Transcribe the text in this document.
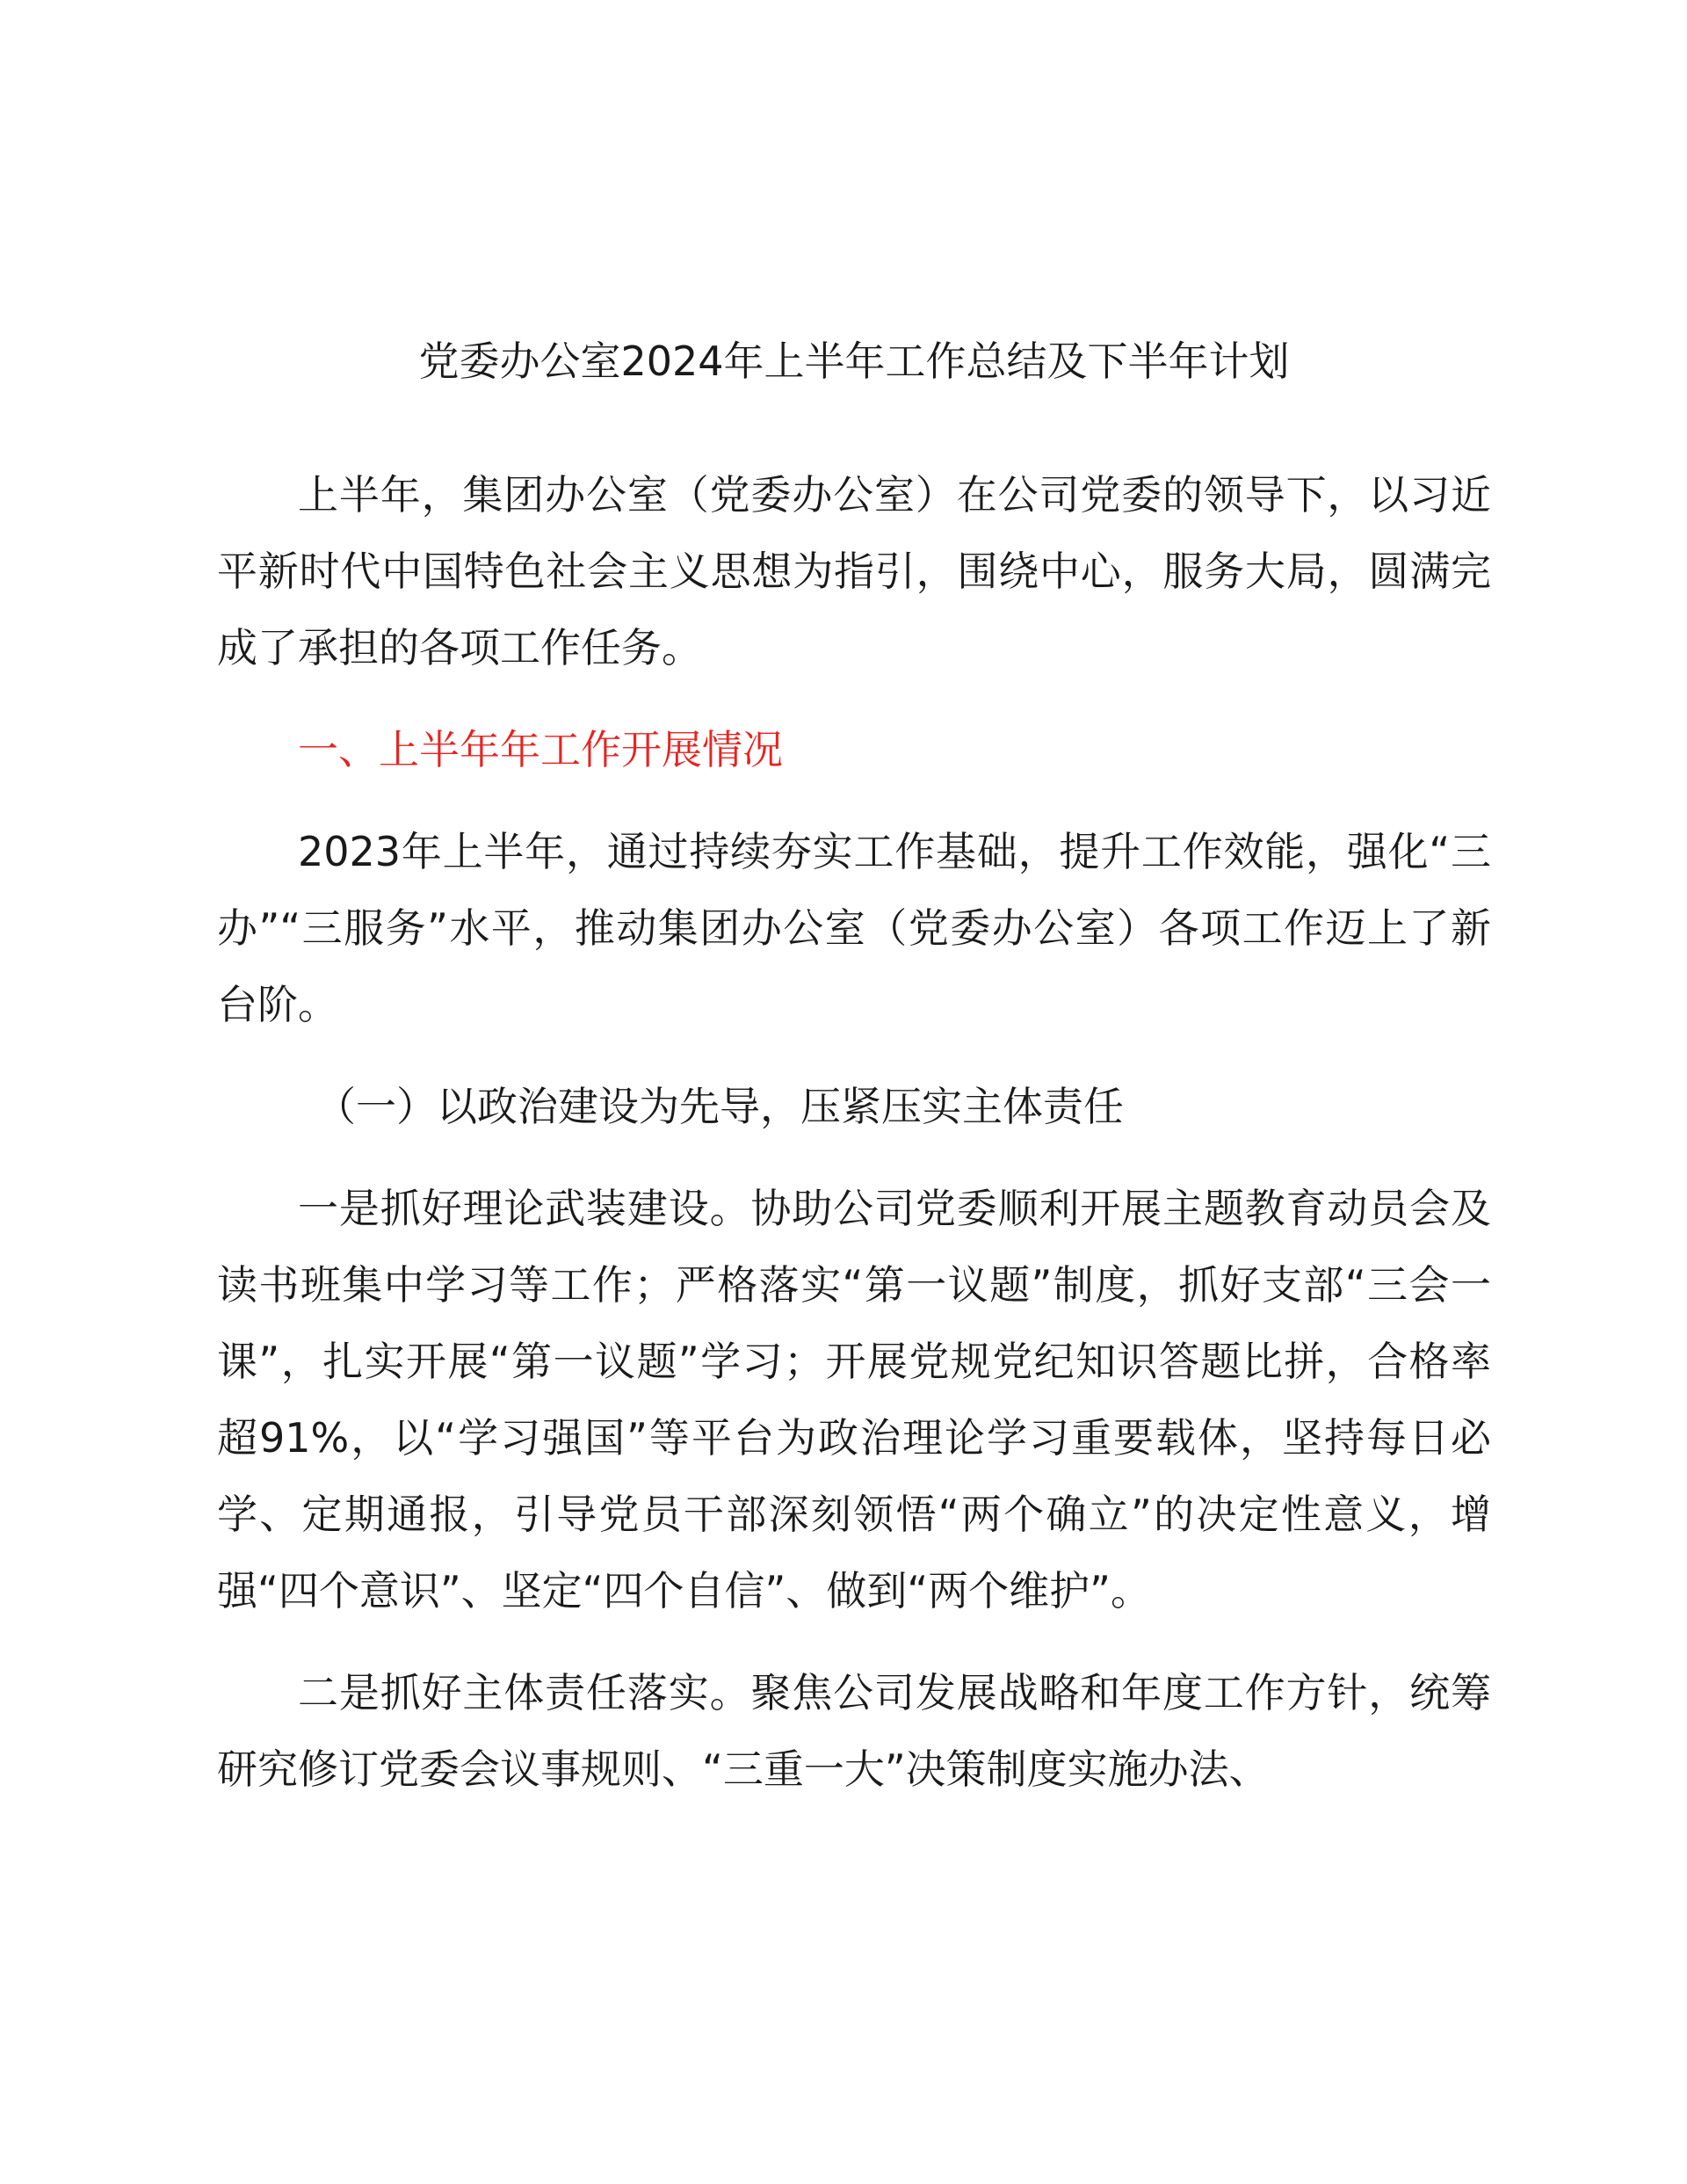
党委办公室2024年上半年工作总结及下半年计划

上半年，集团办公室（党委办公室）在公司党委的领导下，以习近平新时代中国特色社会主义思想为指引，围绕中心，服务大局，圆满完成了承担的各项工作任务。

一、上半年年工作开展情况

2023年上半年，通过持续夯实工作基础，提升工作效能，强化“三办”“三服务”水平，推动集团办公室（党委办公室）各项工作迈上了新台阶。

（一）以政治建设为先导，压紧压实主体责任

一是抓好理论武装建设。协助公司党委顺利开展主题教育动员会及读书班集中学习等工作；严格落实“第一议题”制度，抓好支部“三会一课”，扎实开展“第一议题”学习；开展党规党纪知识答题比拼，合格率超91%，以“学习强国”等平台为政治理论学习重要载体，坚持每日必学、定期通报，引导党员干部深刻领悟“两个确立”的决定性意义，增强“四个意识”、坚定“四个自信”、做到“两个维护”。

二是抓好主体责任落实。聚焦公司发展战略和年度工作方针，统筹研究修订党委会议事规则、“三重一大”决策制度实施办法、
